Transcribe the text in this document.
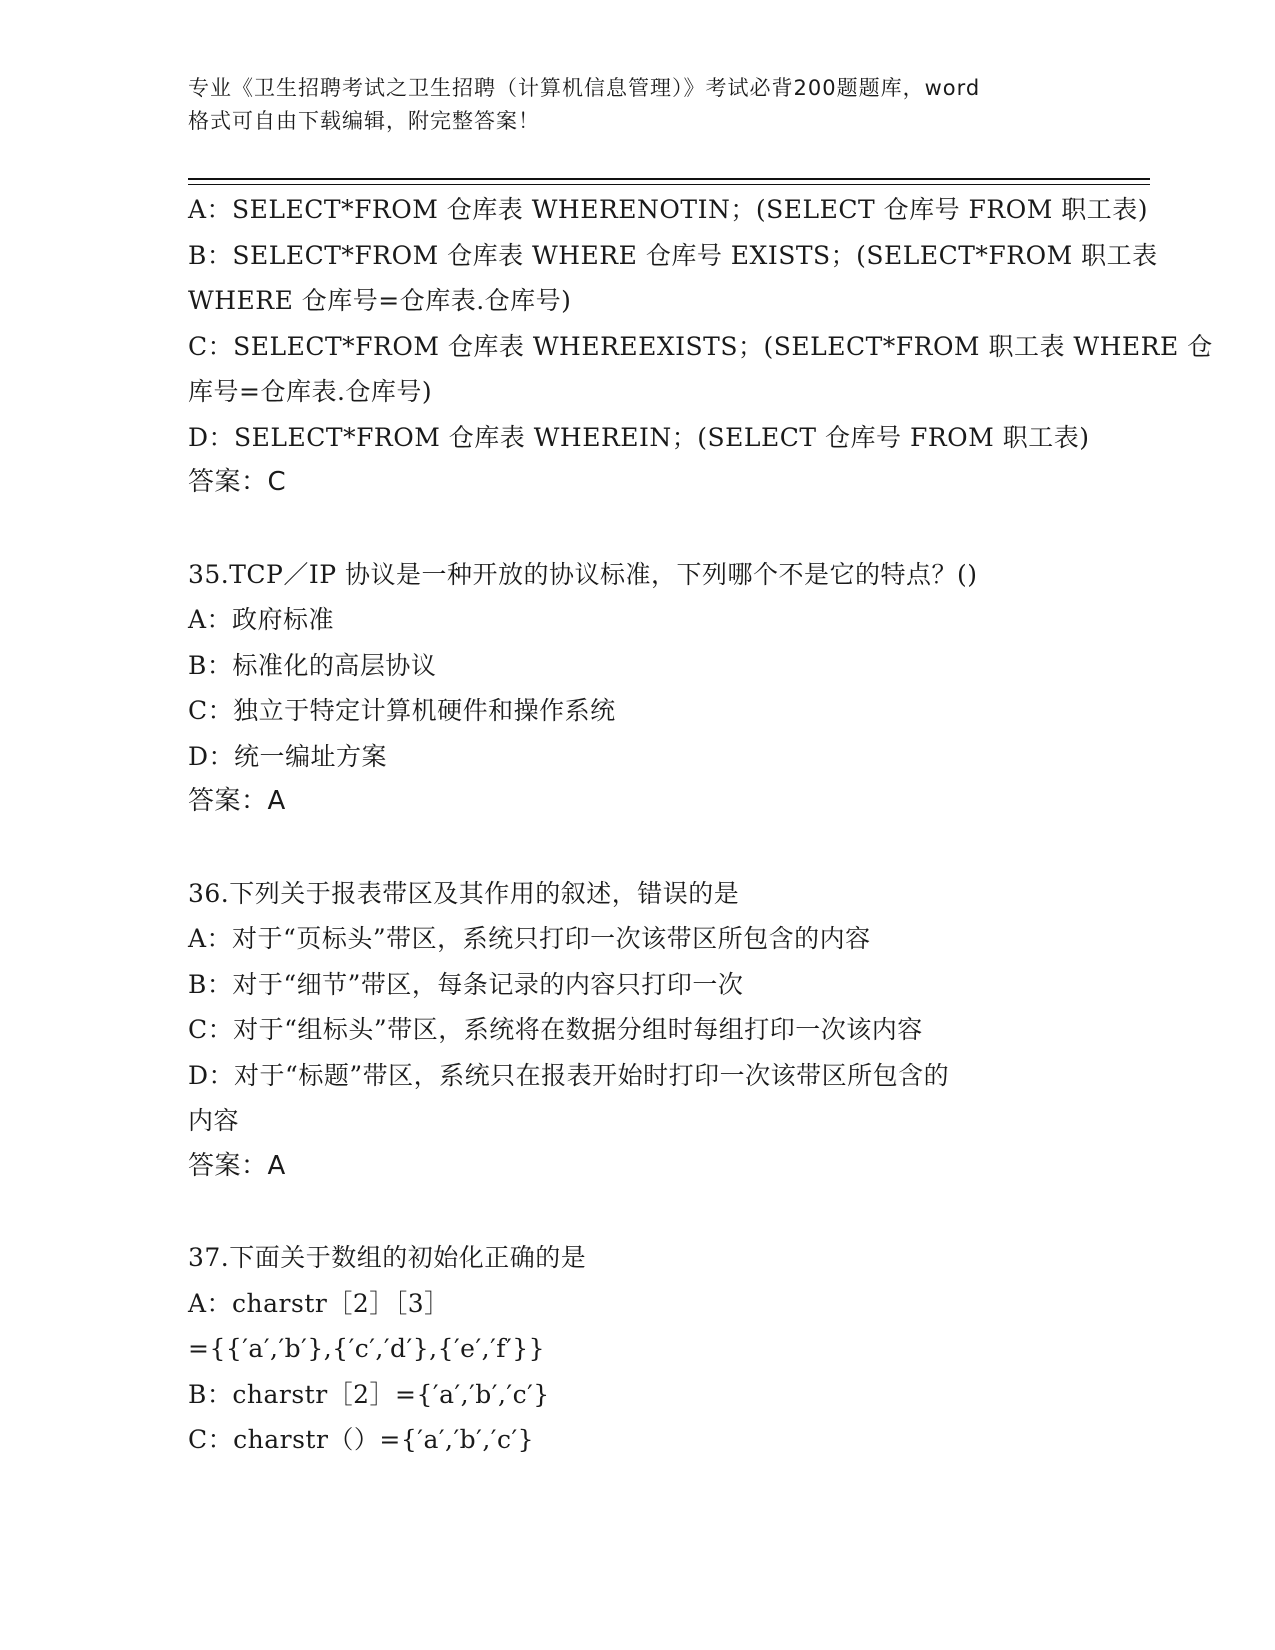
专业《卫生招聘考试之卫生招聘（计算机信息管理）》考试必背200题题库，word
格式可自由下载编辑，附完整答案！
A：SELECT*FROM 仓库表 WHERENOTIN；(SELECT 仓库号 FROM 职工表)
B：SELECT*FROM 仓库表 WHERE 仓库号 EXISTS；(SELECT*FROM 职工表
WHERE 仓库号=仓库表.仓库号)
C：SELECT*FROM 仓库表 WHEREEXISTS；(SELECT*FROM 职工表 WHERE 仓
库号=仓库表.仓库号)
D：SELECT*FROM 仓库表 WHEREIN；(SELECT 仓库号 FROM 职工表)
答案：C
35.TCP／IP 协议是一种开放的协议标准，下列哪个不是它的特点？()
A：政府标准
B：标准化的高层协议
C：独立于特定计算机硬件和操作系统
D：统一编址方案
答案：A
36.下列关于报表带区及其作用的叙述，错误的是
A：对于“页标头”带区，系统只打印一次该带区所包含的内容
B：对于“细节”带区，每条记录的内容只打印一次
C：对于“组标头”带区，系统将在数据分组时每组打印一次该内容
D：对于“标题”带区，系统只在报表开始时打印一次该带区所包含的
内容
答案：A
37.下面关于数组的初始化正确的是
A：charstr［2］［3］
={{′a′,′b′},{′c′,′d′},{′e′,′f′}}
B：charstr［2］={′a′,′b′,′c′}
C：charstr（）={′a′,′b′,′c′}
